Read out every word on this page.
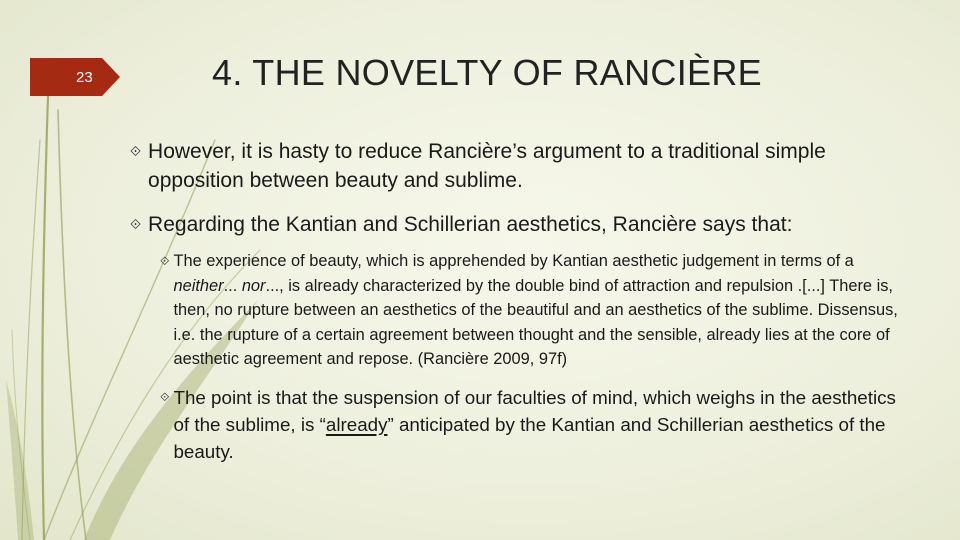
23	4. THE NOVELTY OF RANCIÈRE
⟐ However, it is hasty to reduce Rancière’s argument to a traditional simple opposition between beauty and sublime.
⟐ Regarding the Kantian and Schillerian aesthetics, Rancière says that:
⟐ The experience of beauty, which is apprehended by Kantian aesthetic judgement in terms of a neither... nor..., is already characterized by the double bind of attraction and repulsion .[...] There is, then, no rupture between an aesthetics of the beautiful and an aesthetics of the sublime. Dissensus, i.e. the rupture of a certain agreement between thought and the sensible, already lies at the core of aesthetic agreement and repose. (Rancière 2009, 97f)
⟐ The point is that the suspension of our faculties of mind, which weighs in the aesthetics of the sublime, is “already” anticipated by the Kantian and Schillerian aesthetics of the beauty.
